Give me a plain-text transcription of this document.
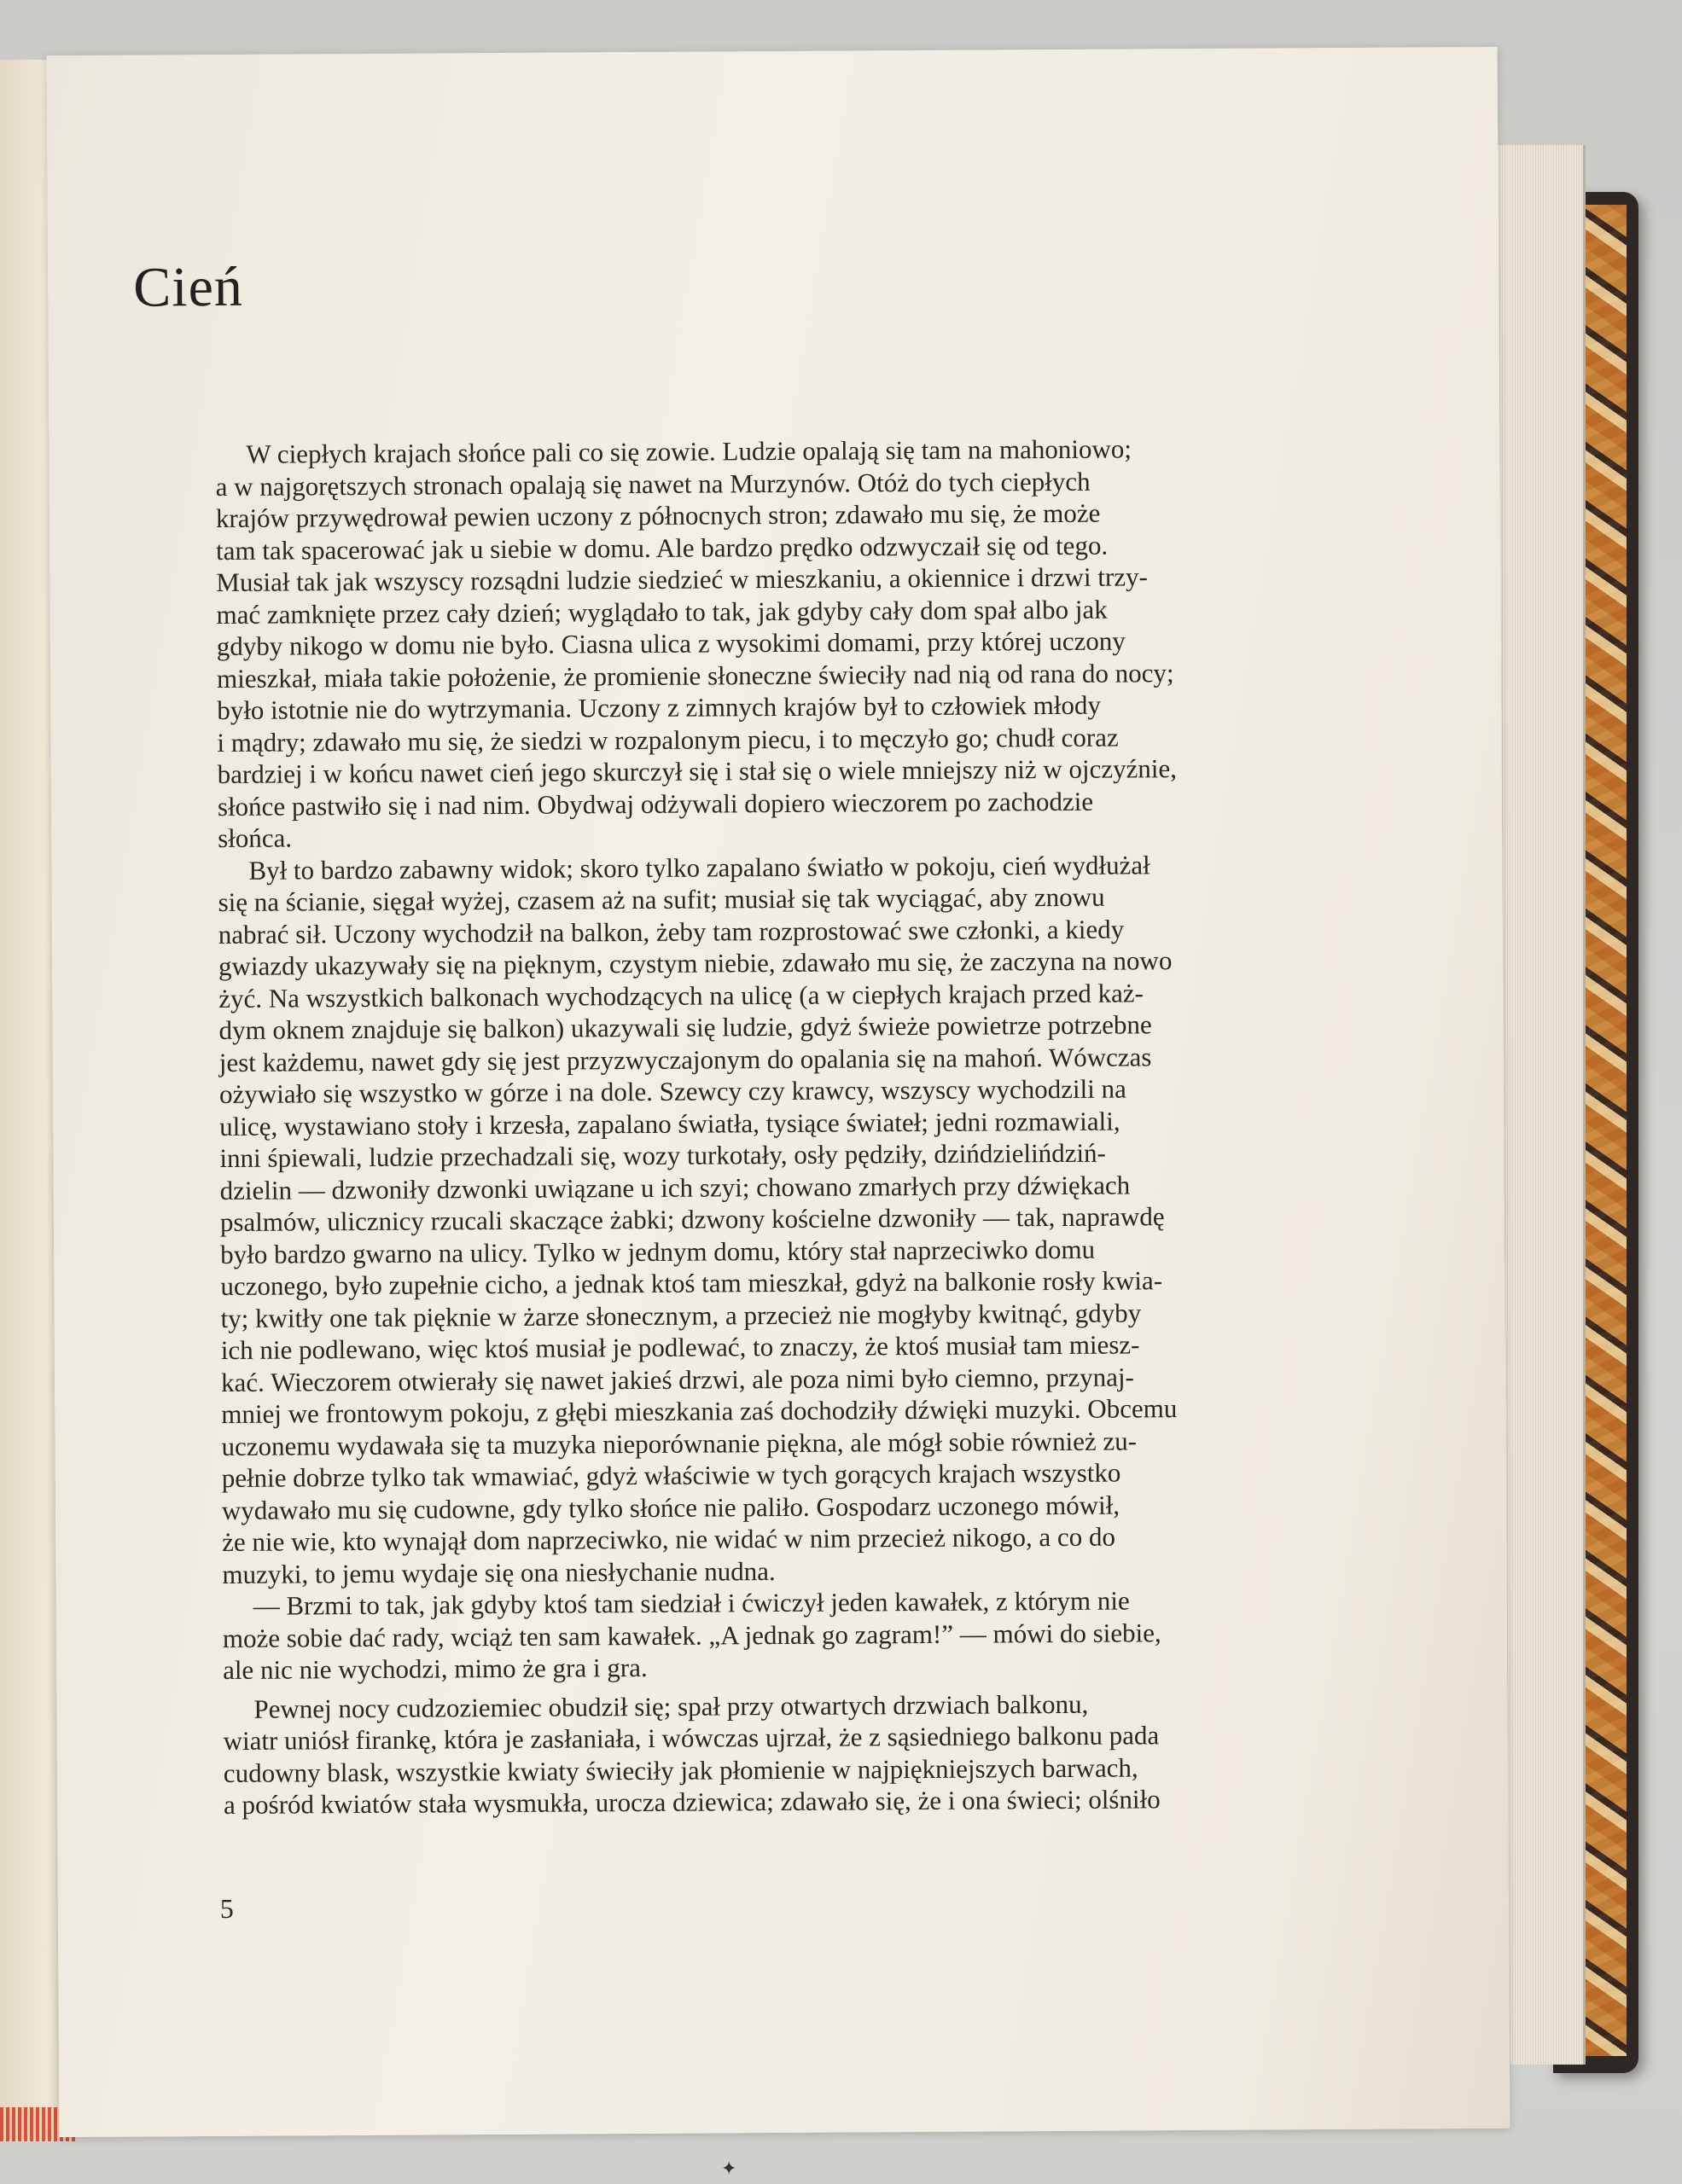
Cień
W ciepłych krajach słońce pali co się zowie. Ludzie opalają się tam na mahoniowo;
a w najgorętszych stronach opalają się nawet na Murzynów. Otóż do tych ciepłych
krajów przywędrował pewien uczony z północnych stron; zdawało mu się, że może
tam tak spacerować jak u siebie w domu. Ale bardzo prędko odzwyczaił się od tego.
Musiał tak jak wszyscy rozsądni ludzie siedzieć w mieszkaniu, a okiennice i drzwi trzy-
mać zamknięte przez cały dzień; wyglądało to tak, jak gdyby cały dom spał albo jak
gdyby nikogo w domu nie było. Ciasna ulica z wysokimi domami, przy której uczony
mieszkał, miała takie położenie, że promienie słoneczne świeciły nad nią od rana do nocy;
było istotnie nie do wytrzymania. Uczony z zimnych krajów był to człowiek młody
i mądry; zdawało mu się, że siedzi w rozpalonym piecu, i to męczyło go; chudł coraz
bardziej i w końcu nawet cień jego skurczył się i stał się o wiele mniejszy niż w ojczyźnie,
słońce pastwiło się i nad nim. Obydwaj odżywali dopiero wieczorem po zachodzie
słońca.
Był to bardzo zabawny widok; skoro tylko zapalano światło w pokoju, cień wydłużał
się na ścianie, sięgał wyżej, czasem aż na sufit; musiał się tak wyciągać, aby znowu
nabrać sił. Uczony wychodził na balkon, żeby tam rozprostować swe członki, a kiedy
gwiazdy ukazywały się na pięknym, czystym niebie, zdawało mu się, że zaczyna na nowo
żyć. Na wszystkich balkonach wychodzących na ulicę (a w ciepłych krajach przed każ-
dym oknem znajduje się balkon) ukazywali się ludzie, gdyż świeże powietrze potrzebne
jest każdemu, nawet gdy się jest przyzwyczajonym do opalania się na mahoń. Wówczas
ożywiało się wszystko w górze i na dole. Szewcy czy krawcy, wszyscy wychodzili na
ulicę, wystawiano stoły i krzesła, zapalano światła, tysiące świateł; jedni rozmawiali,
inni śpiewali, ludzie przechadzali się, wozy turkotały, osły pędziły, dzińdzielińdziń-
dzielin — dzwoniły dzwonki uwiązane u ich szyi; chowano zmarłych przy dźwiękach
psalmów, ulicznicy rzucali skaczące żabki; dzwony kościelne dzwoniły — tak, naprawdę
było bardzo gwarno na ulicy. Tylko w jednym domu, który stał naprzeciwko domu
uczonego, było zupełnie cicho, a jednak ktoś tam mieszkał, gdyż na balkonie rosły kwia-
ty; kwitły one tak pięknie w żarze słonecznym, a przecież nie mogłyby kwitnąć, gdyby
ich nie podlewano, więc ktoś musiał je podlewać, to znaczy, że ktoś musiał tam miesz-
kać. Wieczorem otwierały się nawet jakieś drzwi, ale poza nimi było ciemno, przynaj-
mniej we frontowym pokoju, z głębi mieszkania zaś dochodziły dźwięki muzyki. Obcemu
uczonemu wydawała się ta muzyka nieporównanie piękna, ale mógł sobie również zu-
pełnie dobrze tylko tak wmawiać, gdyż właściwie w tych gorących krajach wszystko
wydawało mu się cudowne, gdy tylko słońce nie paliło. Gospodarz uczonego mówił,
że nie wie, kto wynajął dom naprzeciwko, nie widać w nim przecież nikogo, a co do
muzyki, to jemu wydaje się ona niesłychanie nudna.
— Brzmi to tak, jak gdyby ktoś tam siedział i ćwiczył jeden kawałek, z którym nie
może sobie dać rady, wciąż ten sam kawałek. „A jednak go zagram!” — mówi do siebie,
ale nic nie wychodzi, mimo że gra i gra.
Pewnej nocy cudzoziemiec obudził się; spał przy otwartych drzwiach balkonu,
wiatr uniósł firankę, która je zasłaniała, i wówczas ujrzał, że z sąsiedniego balkonu pada
cudowny blask, wszystkie kwiaty świeciły jak płomienie w najpiękniejszych barwach,
a pośród kwiatów stała wysmukła, urocza dziewica; zdawało się, że i ona świeci; olśniło
5
✦
